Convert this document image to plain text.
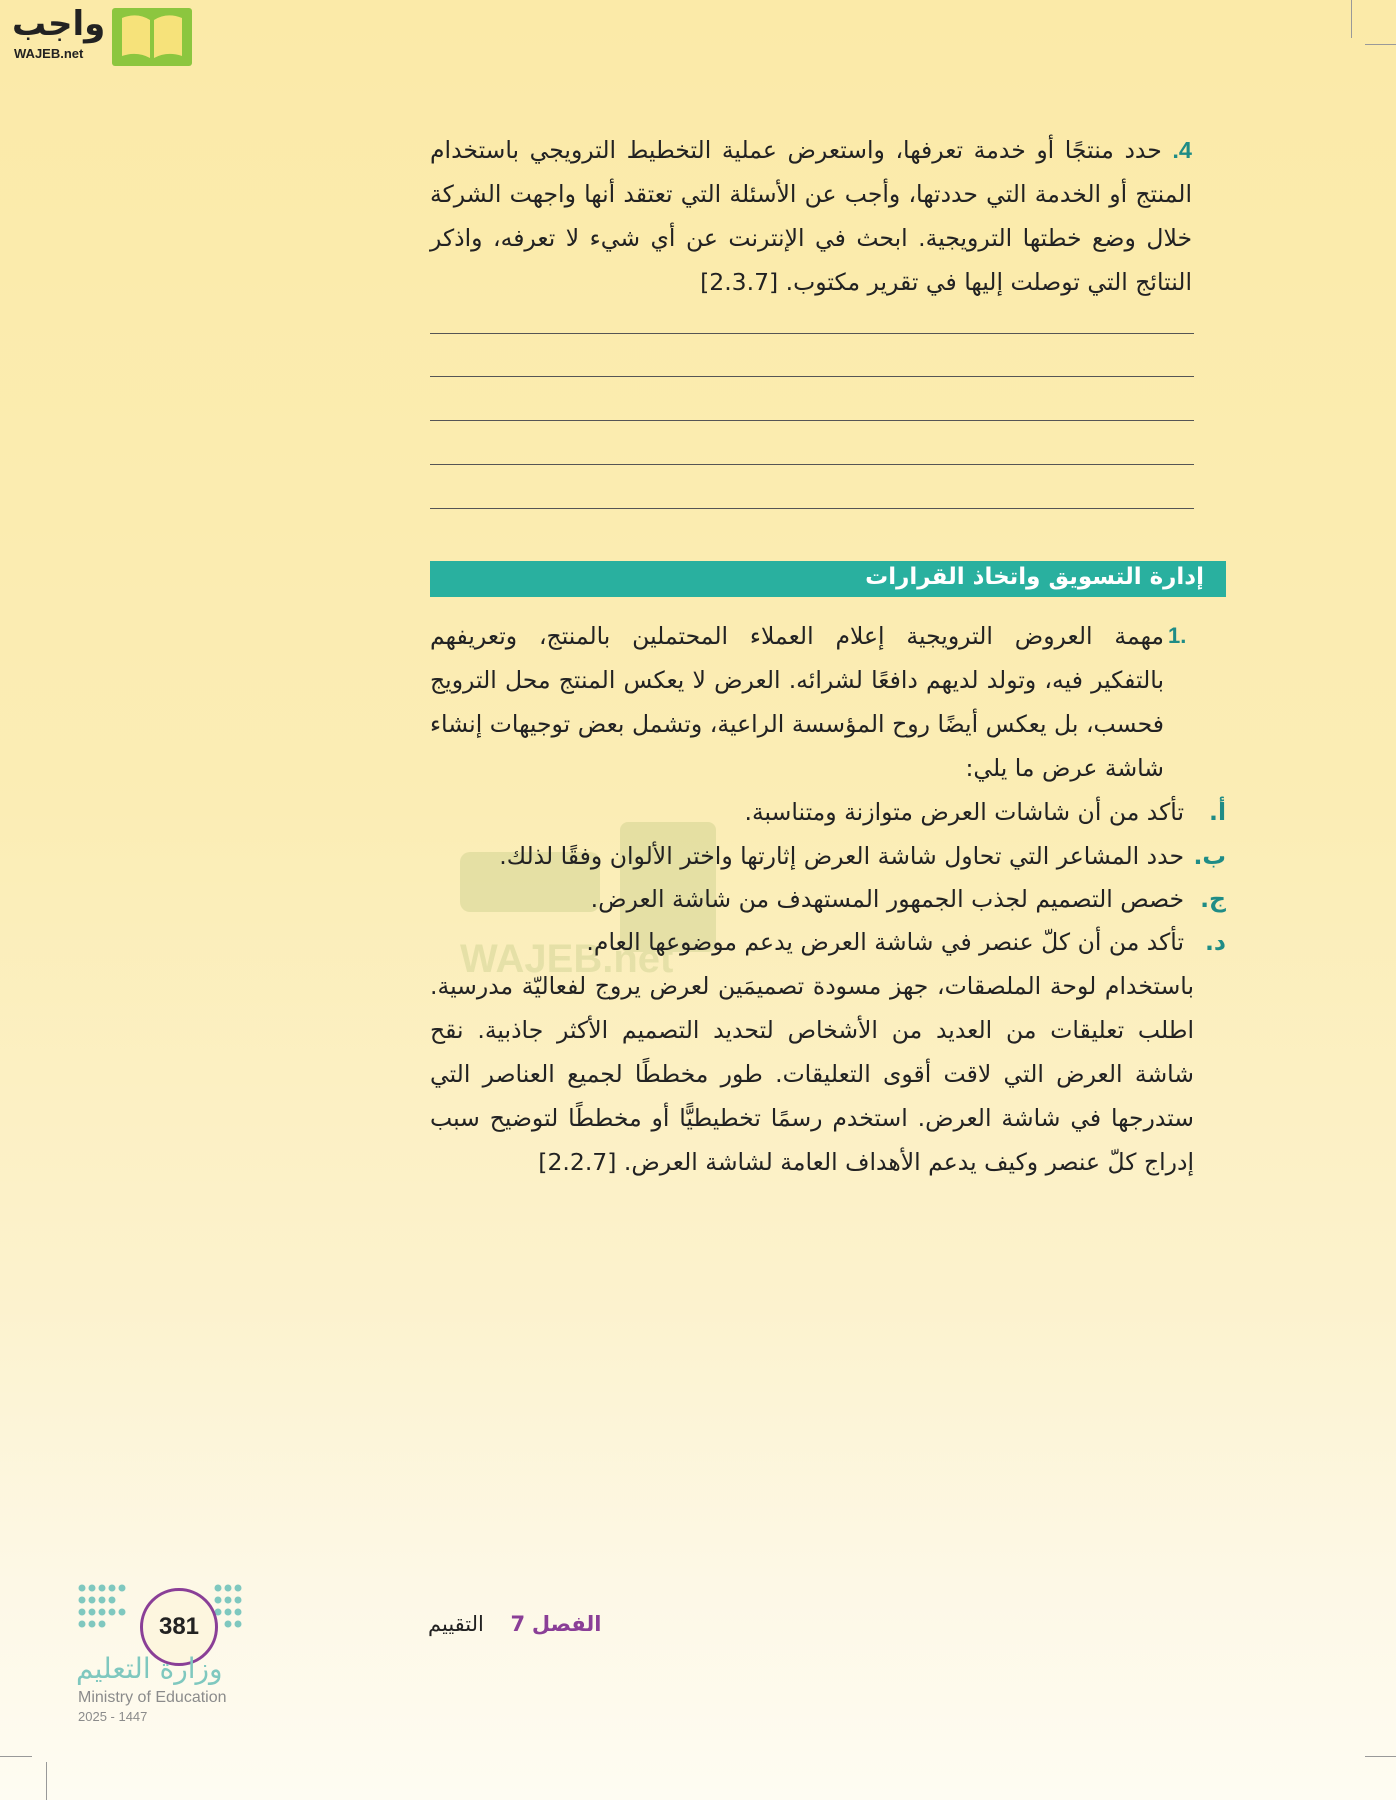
واجب
WAJEB.net
4. حدد منتجًا أو خدمة تعرفها، واستعرض عملية التخطيط الترويجي باستخدام
المنتج أو الخدمة التي حددتها، وأجب عن الأسئلة التي تعتقد أنها واجهت الشركة
خلال وضع خطتها الترويجية. ابحث في الإنترنت عن أي شيء لا تعرفه، واذكر
النتائج التي توصلت إليها في تقرير مكتوب. [2.3.7]
إدارة التسويق واتخاذ القرارات
WAJEB.net
مهمة العروض الترويجية إعلام العملاء المحتملين بالمنتج، وتعريفهم
بالتفكير فيه، وتولد لديهم دافعًا لشرائه. العرض لا يعكس المنتج محل الترويج
فحسب، بل يعكس أيضًا روح المؤسسة الراعية، وتشمل بعض توجيهات إنشاء
شاشة عرض ما يلي:
1.
أ.تأكد من أن شاشات العرض متوازنة ومتناسبة.
ب.حدد المشاعر التي تحاول شاشة العرض إثارتها واختر الألوان وفقًا لذلك.
ج.خصص التصميم لجذب الجمهور المستهدف من شاشة العرض.
د.تأكد من أن كلّ عنصر في شاشة العرض يدعم موضوعها العام.
باستخدام لوحة الملصقات، جهز مسودة تصميمَين لعرض يروج لفعاليّة مدرسية.
اطلب تعليقات من العديد من الأشخاص لتحديد التصميم الأكثر جاذبية. نقح
شاشة العرض التي لاقت أقوى التعليقات. طور مخططًا لجميع العناصر التي
ستدرجها في شاشة العرض. استخدم رسمًا تخطيطيًّا أو مخططًا لتوضيح سبب
إدراج كلّ عنصر وكيف يدعم الأهداف العامة لشاشة العرض. [2.2.7]
381
وزارة التعليم
Ministry of Education
2025 - 1447
الفصل 7    التقييم
